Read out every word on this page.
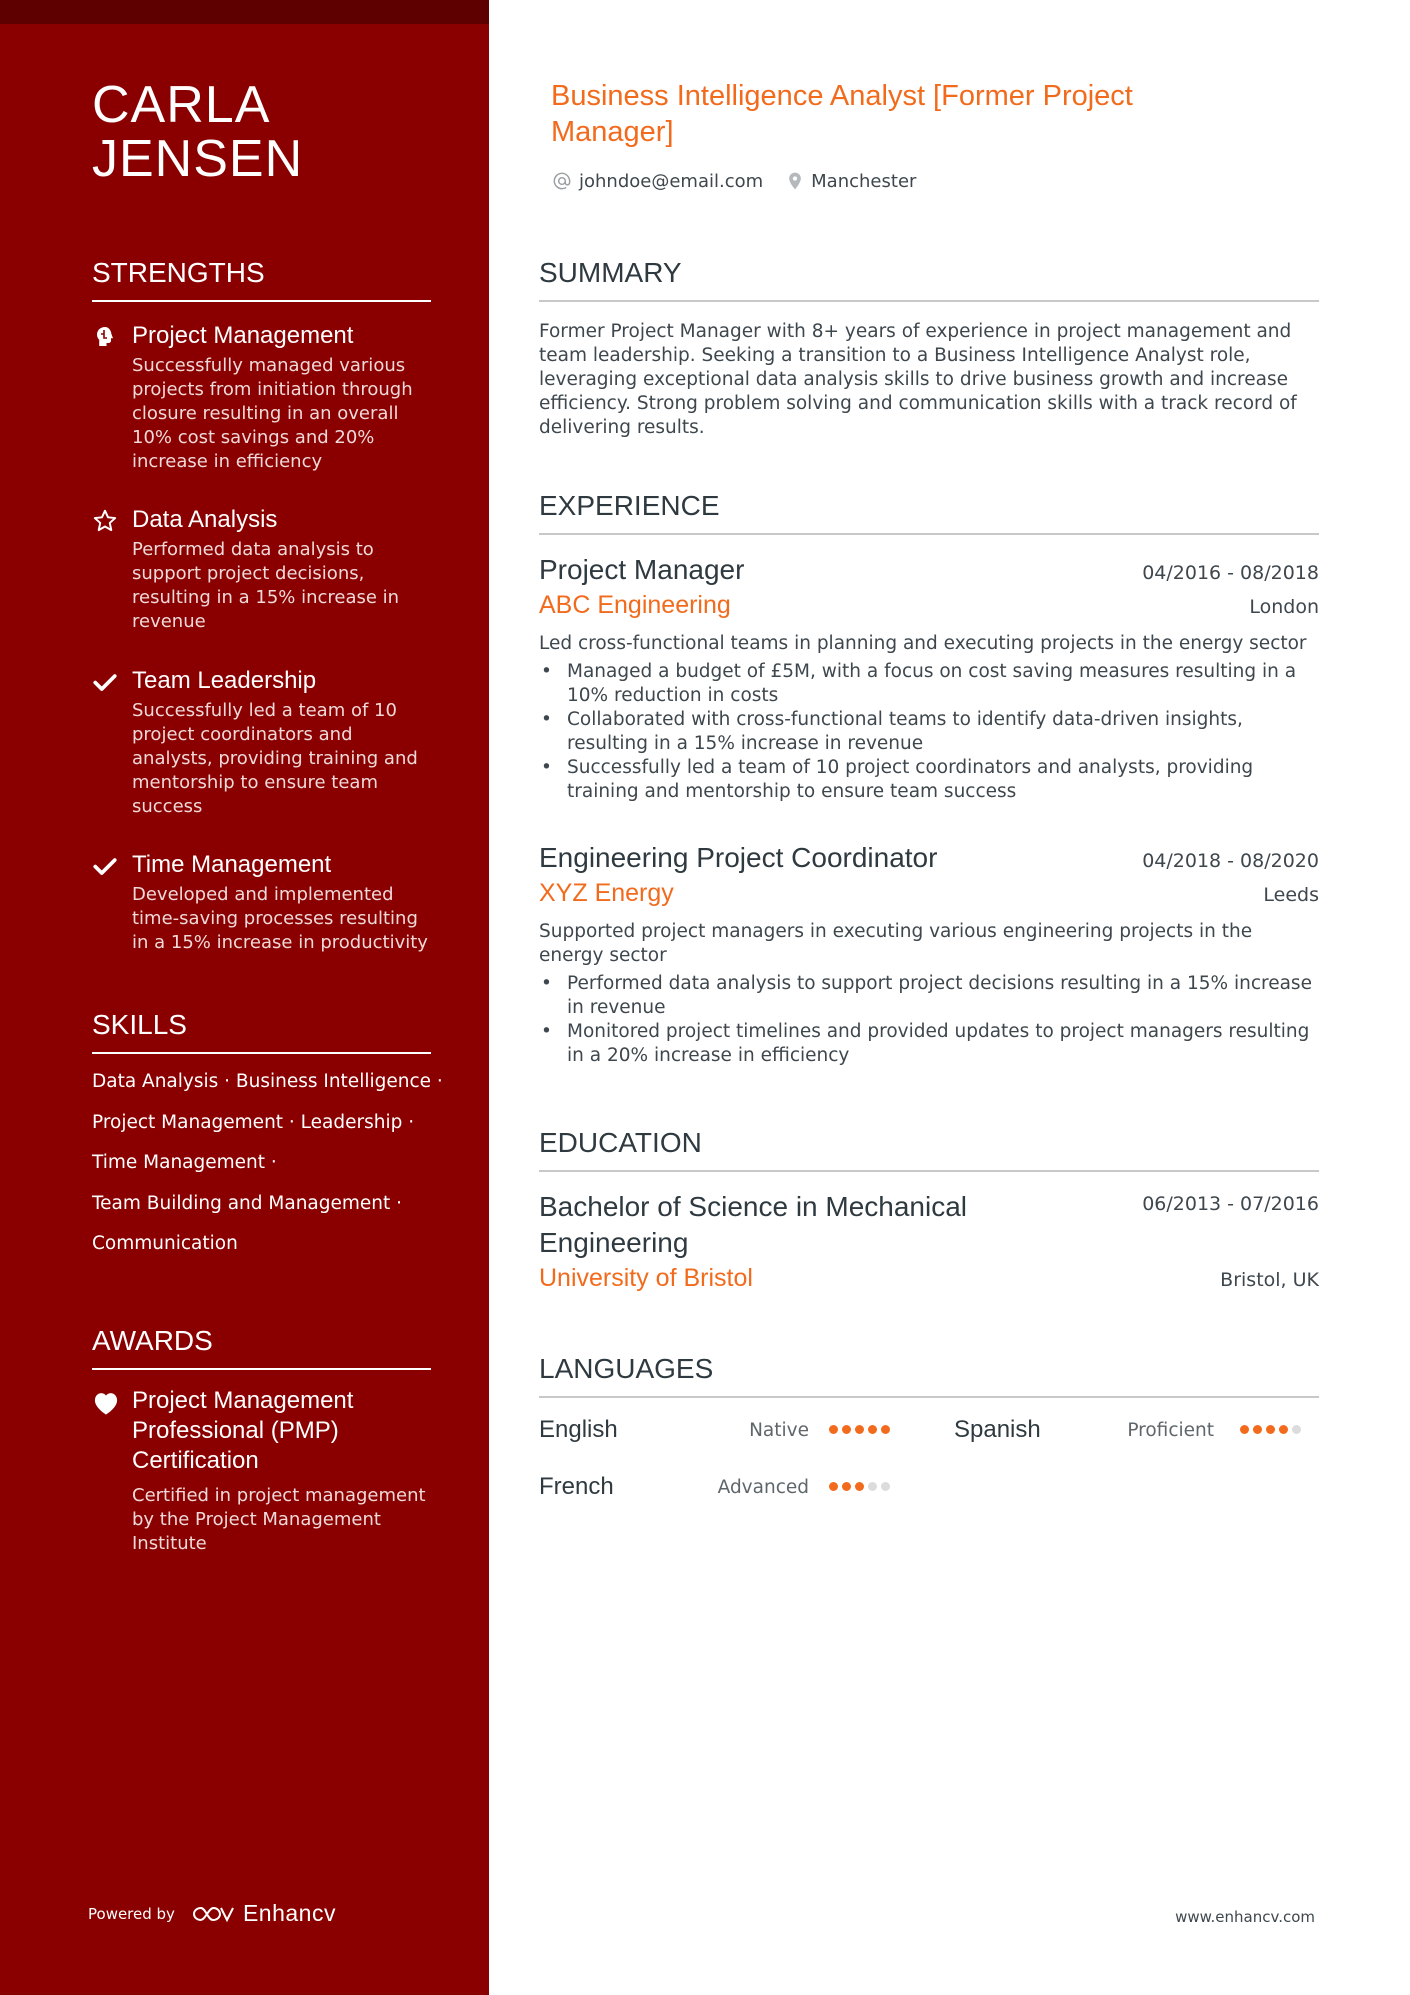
CARLA JENSEN
STRENGTHS
Project Management
Successfully managed various projects from initiation through closure resulting in an overall 10% cost savings and 20% increase in efficiency
Data Analysis
Performed data analysis to support project decisions, resulting in a 15% increase in revenue
Team Leadership
Successfully led a team of 10 project coordinators and analysts, providing training and mentorship to ensure team success
Time Management
Developed and implemented time-saving processes resulting in a 15% increase in productivity
SKILLS
Data Analysis · Business Intelligence ·
Project Management · Leadership ·
Time Management ·
Team Building and Management ·
Communication
AWARDS
Project Management Professional (PMP) Certification
Certified in project management by the Project Management Institute
Powered by	Enhancv
Business Intelligence Analyst [Former Project Manager]
johndoe@email.com	Manchester
SUMMARY
Former Project Manager with 8+ years of experience in project management and team leadership. Seeking a transition to a Business Intelligence Analyst role, leveraging exceptional data analysis skills to drive business growth and increase efficiency. Strong problem solving and communication skills with a track record of delivering results.
EXPERIENCE
Project Manager	04/2016 - 08/2018
ABC Engineering	London
Led cross-functional teams in planning and executing projects in the energy sector
• Managed a budget of £5M, with a focus on cost saving measures resulting in a 10% reduction in costs
• Collaborated with cross-functional teams to identify data-driven insights, resulting in a 15% increase in revenue
• Successfully led a team of 10 project coordinators and analysts, providing training and mentorship to ensure team success
Engineering Project Coordinator	04/2018 - 08/2020
XYZ Energy	Leeds
Supported project managers in executing various engineering projects in the energy sector
• Performed data analysis to support project decisions resulting in a 15% increase in revenue
• Monitored project timelines and provided updates to project managers resulting in a 20% increase in efficiency
EDUCATION
Bachelor of Science in Mechanical Engineering
06/2013 - 07/2016
University of Bristol	Bristol, UK
LANGUAGES
English	Native	Spanish	Proficient
French	Advanced
www.enhancv.com
